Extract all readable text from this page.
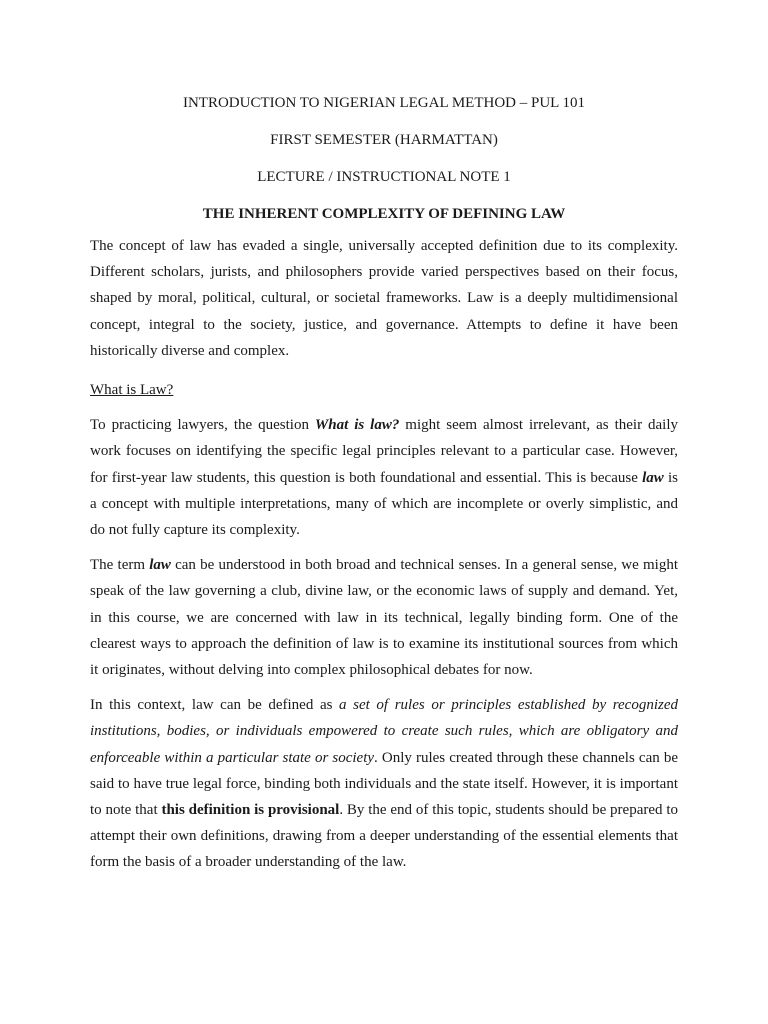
INTRODUCTION TO NIGERIAN LEGAL METHOD – PUL 101

FIRST SEMESTER (HARMATTAN)

LECTURE / INSTRUCTIONAL NOTE 1

THE INHERENT COMPLEXITY OF DEFINING LAW

The concept of law has evaded a single, universally accepted definition due to its complexity. Different scholars, jurists, and philosophers provide varied perspectives based on their focus, shaped by moral, political, cultural, or societal frameworks. Law is a deeply multidimensional concept, integral to the society, justice, and governance. Attempts to define it have been historically diverse and complex.

What is Law?

To practicing lawyers, the question What is law? might seem almost irrelevant, as their daily work focuses on identifying the specific legal principles relevant to a particular case. However, for first-year law students, this question is both foundational and essential. This is because law is a concept with multiple interpretations, many of which are incomplete or overly simplistic, and do not fully capture its complexity.

The term law can be understood in both broad and technical senses. In a general sense, we might speak of the law governing a club, divine law, or the economic laws of supply and demand. Yet, in this course, we are concerned with law in its technical, legally binding form. One of the clearest ways to approach the definition of law is to examine its institutional sources from which it originates, without delving into complex philosophical debates for now.

In this context, law can be defined as a set of rules or principles established by recognized institutions, bodies, or individuals empowered to create such rules, which are obligatory and enforceable within a particular state or society. Only rules created through these channels can be said to have true legal force, binding both individuals and the state itself. However, it is important to note that this definition is provisional. By the end of this topic, students should be prepared to attempt their own definitions, drawing from a deeper understanding of the essential elements that form the basis of a broader understanding of the law.
